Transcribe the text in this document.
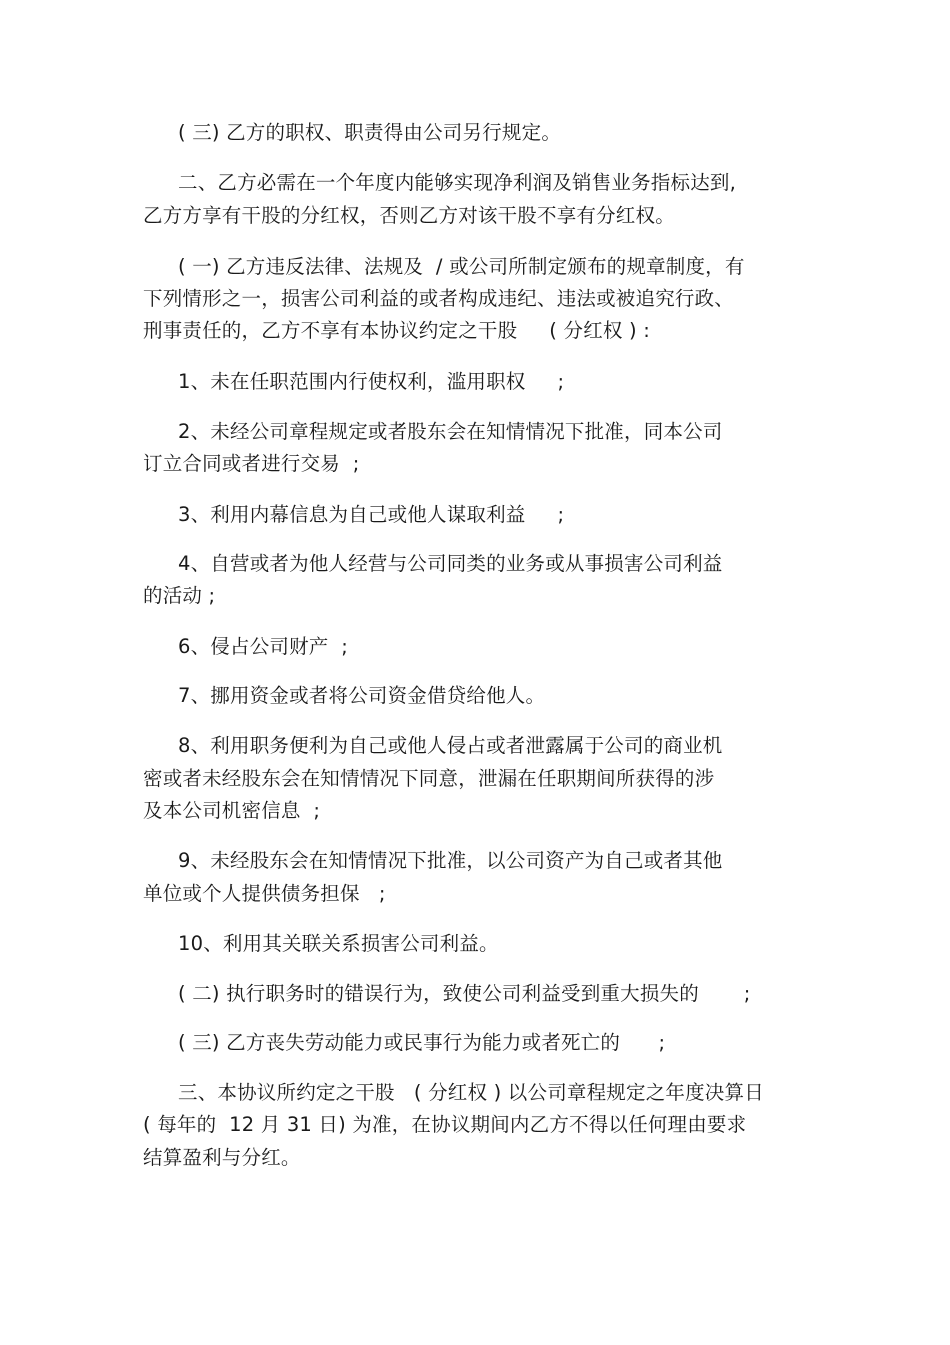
( 三) 乙方的职权、职责得由公司另行规定。
二、乙方必需在一个年度内能够实现净利润及销售业务指标达到,
乙方方享有干股的分红权，否则乙方对该干股不享有分红权。
( 一) 乙方违反法律、法规及  / 或公司所制定颁布的规章制度，有
下列情形之一，损害公司利益的或者构成违纪、违法或被追究行政、
刑事责任的，乙方不享有本协议约定之干股     ( 分红权 ) :
1、未在任职范围内行使权利，滥用职权     ;
2、未经公司章程规定或者股东会在知情情况下批准，同本公司
订立合同或者进行交易  ;
3、利用内幕信息为自己或他人谋取利益     ;
4、自营或者为他人经营与公司同类的业务或从事损害公司利益
的活动 ;
6、侵占公司财产  ;
7、挪用资金或者将公司资金借贷给他人。
8、利用职务便利为自己或他人侵占或者泄露属于公司的商业机
密或者未经股东会在知情情况下同意，泄漏在任职期间所获得的涉
及本公司机密信息  ;
9、未经股东会在知情情况下批准，以公司资产为自己或者其他
单位或个人提供债务担保   ;
10、利用其关联关系损害公司利益。
( 二) 执行职务时的错误行为，致使公司利益受到重大损失的       ;
( 三) 乙方丧失劳动能力或民事行为能力或者死亡的      ;
三、本协议所约定之干股   ( 分红权 ) 以公司章程规定之年度决算日
( 每年的  12 月 31 日) 为准，在协议期间内乙方不得以任何理由要求
结算盈利与分红。
